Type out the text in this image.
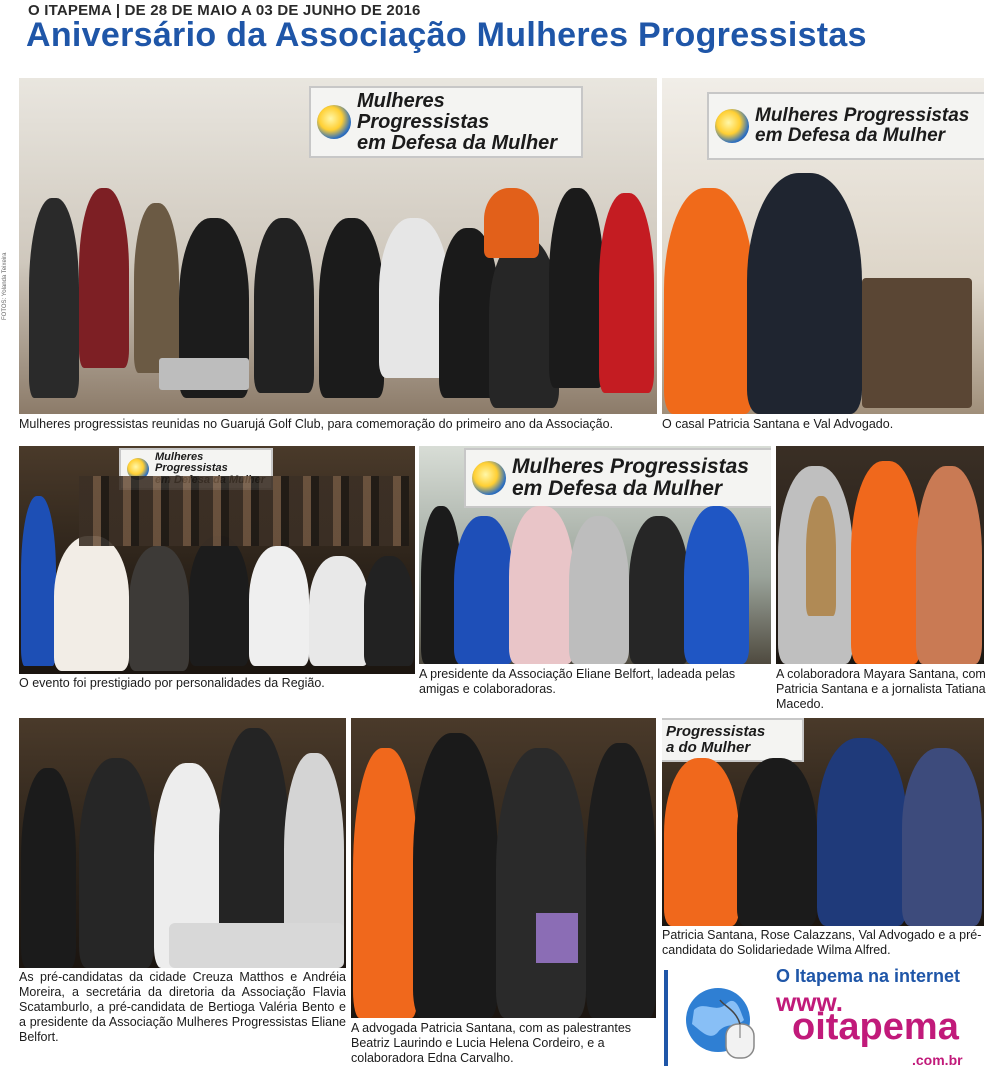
O ITAPEMA | DE 28 DE MAIO A 03 DE JUNHO DE 2016
Aniversário da Associação Mulheres Progressistas
Mulheres Progressistas
em Defesa da Mulher
FOTOS: Yolanda Teixeira
Mulheres progressistas reunidas no Guarujá Golf Club, para comemoração do primeiro ano da Associação.
Mulheres Progressistas
em Defesa da Mulher
O casal Patricia Santana e Val Advogado.
Mulheres Progressistas
O evento foi prestigiado por personalidades da Região.
Mulheres Progressistas
em Defesa da Mulher
A presidente da Associação Eliane Belfort, ladeada pelas amigas e colaboradoras.
A colaboradora Mayara Santana, com Patricia Santana e a jornalista Tatiana Macedo.
As pré-candidatas da cidade Creuza Matthos e Andréia Moreira, a secretária da diretoria da Associação Flavia Scatamburlo, a pré-candidata de Bertioga Valéria Bento e a presidente da Associação Mulheres Progressistas Eliane Belfort.
A advogada Patricia Santana, com as palestrantes Beatriz Laurindo e Lucia Helena Cordeiro, e a colaboradora Edna Carvalho.
Progressistas
a do Mulher
Patricia Santana, Rose Calazzans, Val Advogado e a pré-candidata do Solidariedade Wilma Alfred.
O Itapema na internet
www.
oitapema
.com.br
